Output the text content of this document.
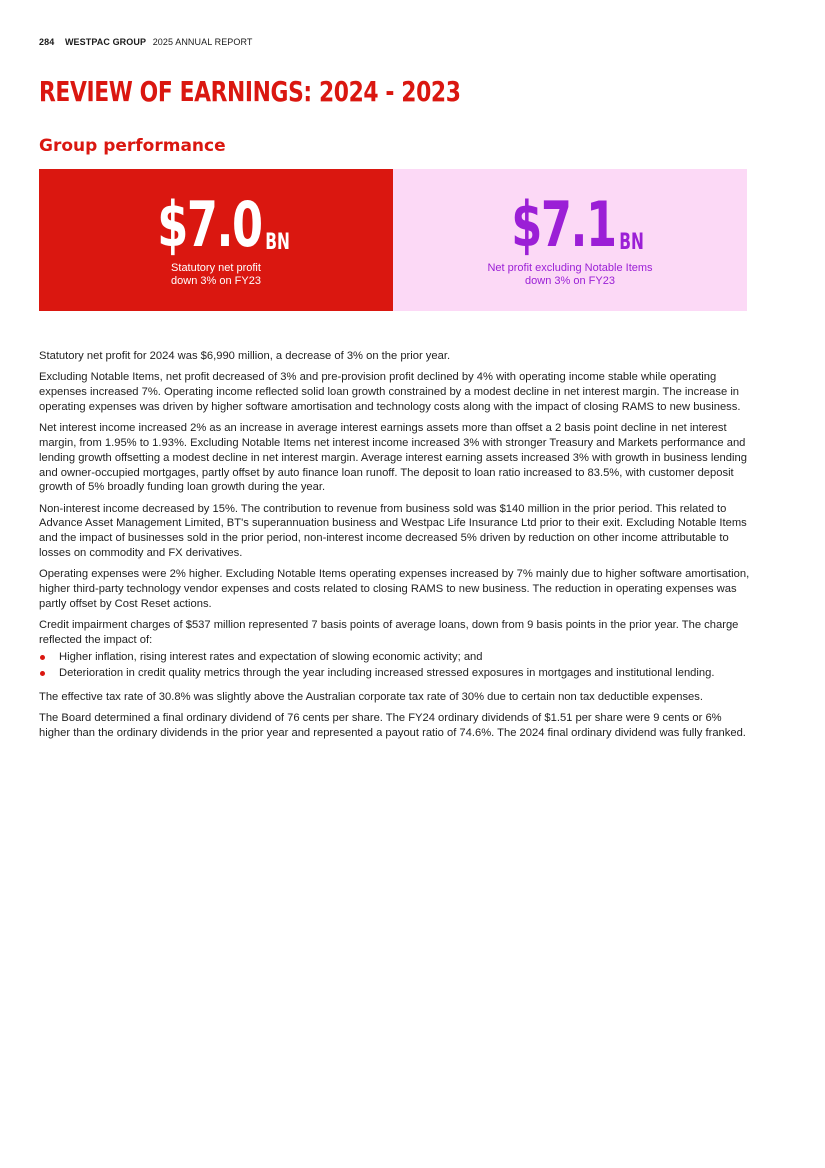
284 WESTPAC GROUP 2025 ANNUAL REPORT
REVIEW OF EARNINGS: 2024 - 2023
Group performance
$7.0 BN
Statutory net profit
down 3% on FY23
$7.1 BN
Net profit excluding Notable Items
down 3% on FY23

Statutory net profit for 2024 was $6,990 million, a decrease of 3% on the prior year.

Excluding Notable Items, net profit decreased of 3% and pre-provision profit declined by 4% with operating income stable while operating expenses increased 7%. Operating income reflected solid loan growth constrained by a modest decline in net interest margin. The increase in operating expenses was driven by higher software amortisation and technology costs along with the impact of closing RAMS to new business.

Net interest income increased 2% as an increase in average interest earnings assets more than offset a 2 basis point decline in net interest margin, from 1.95% to 1.93%. Excluding Notable Items net interest income increased 3% with stronger Treasury and Markets performance and lending growth offsetting a modest decline in net interest margin. Average interest earning assets increased 3% with growth in business lending and owner-occupied mortgages, partly offset by auto finance loan runoff. The deposit to loan ratio increased to 83.5%, with customer deposit growth of 5% broadly funding loan growth during the year.

Non-interest income decreased by 15%. The contribution to revenue from business sold was $140 million in the prior period. This related to Advance Asset Management Limited, BT's superannuation business and Westpac Life Insurance Ltd prior to their exit. Excluding Notable Items and the impact of businesses sold in the prior period, non-interest income decreased 5% driven by reduction on other income attributable to losses on commodity and FX derivatives.

Operating expenses were 2% higher. Excluding Notable Items operating expenses increased by 7% mainly due to higher software amortisation, higher third-party technology vendor expenses and costs related to closing RAMS to new business. The reduction in operating expenses was partly offset by Cost Reset actions.

Credit impairment charges of $537 million represented 7 basis points of average loans, down from 9 basis points in the prior year. The charge reflected the impact of:

Higher inflation, rising interest rates and expectation of slowing economic activity; and
Deterioration in credit quality metrics through the year including increased stressed exposures in mortgages and institutional lending.

The effective tax rate of 30.8% was slightly above the Australian corporate tax rate of 30% due to certain non tax deductible expenses.

The Board determined a final ordinary dividend of 76 cents per share. The FY24 ordinary dividends of $1.51 per share were 9 cents or 6% higher than the ordinary dividends in the prior year and represented a payout ratio of 74.6%. The 2024 final ordinary dividend was fully franked.
